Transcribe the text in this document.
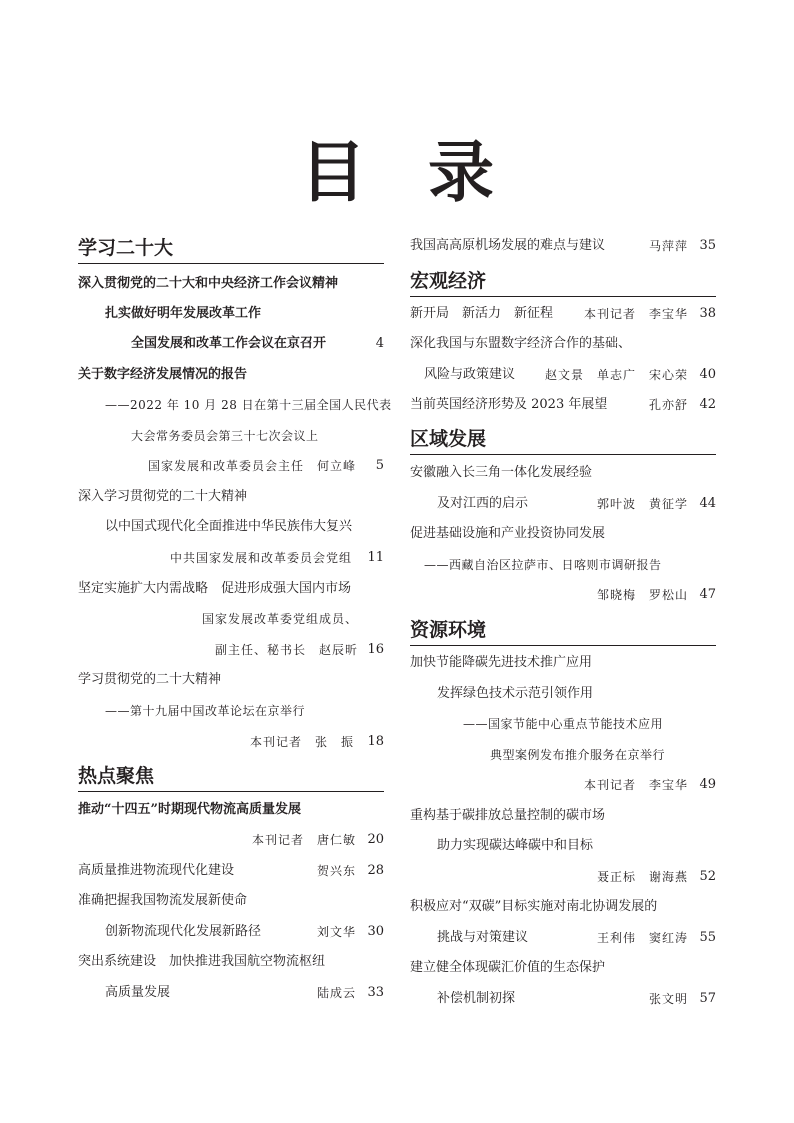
目 录
学习二十大
深入贯彻党的二十大和中央经济工作会议精神
扎实做好明年发展改革工作
全国发展和改革工作会议在京召开	4
关于数字经济发展情况的报告
——2022 年 10 月 28 日在第十三届全国人民代表
大会常务委员会第三十七次会议上
国家发展和改革委员会主任　何立峰 5
深入学习贯彻党的二十大精神
以中国式现代化全面推进中华民族伟大复兴
中共国家发展和改革委员会党组 11
坚定实施扩大内需战略　促进形成强大国内市场
国家发展改革委党组成员、
副主任、秘书长　赵辰昕 16
学习贯彻党的二十大精神
——第十九届中国改革论坛在京举行
本刊记者　张　振 18
热点聚焦
推动“十四五”时期现代物流高质量发展
本刊记者　唐仁敏 20
高质量推进物流现代化建设	贺兴东 28
准确把握我国物流发展新使命
创新物流现代化发展新路径	刘文华 30
突出系统建设　加快推进我国航空物流枢纽
高质量发展	陆成云 33
我国高高原机场发展的难点与建议	马萍萍 35
宏观经济
新开局　新活力　新征程	本刊记者　李宝华 38
深化我国与东盟数字经济合作的基础、
风险与政策建议 赵文景　单志广　宋心荣 40
当前英国经济形势及 2023 年展望	孔亦舒 42
区域发展
安徽融入长三角一体化发展经验
及对江西的启示	郭叶波　黄征学 44
促进基础设施和产业投资协同发展
——西藏自治区拉萨市、日喀则市调研报告
邹晓梅　罗松山 47
资源环境
加快节能降碳先进技术推广应用
发挥绿色技术示范引领作用
——国家节能中心重点节能技术应用
典型案例发布推介服务在京举行
本刊记者　李宝华 49
重构基于碳排放总量控制的碳市场
助力实现碳达峰碳中和目标
聂正标　谢海燕 52
积极应对“双碳”目标实施对南北协调发展的
挑战与对策建议	王利伟　窦红涛 55
建立健全体现碳汇价值的生态保护
补偿机制初探	张文明 57
